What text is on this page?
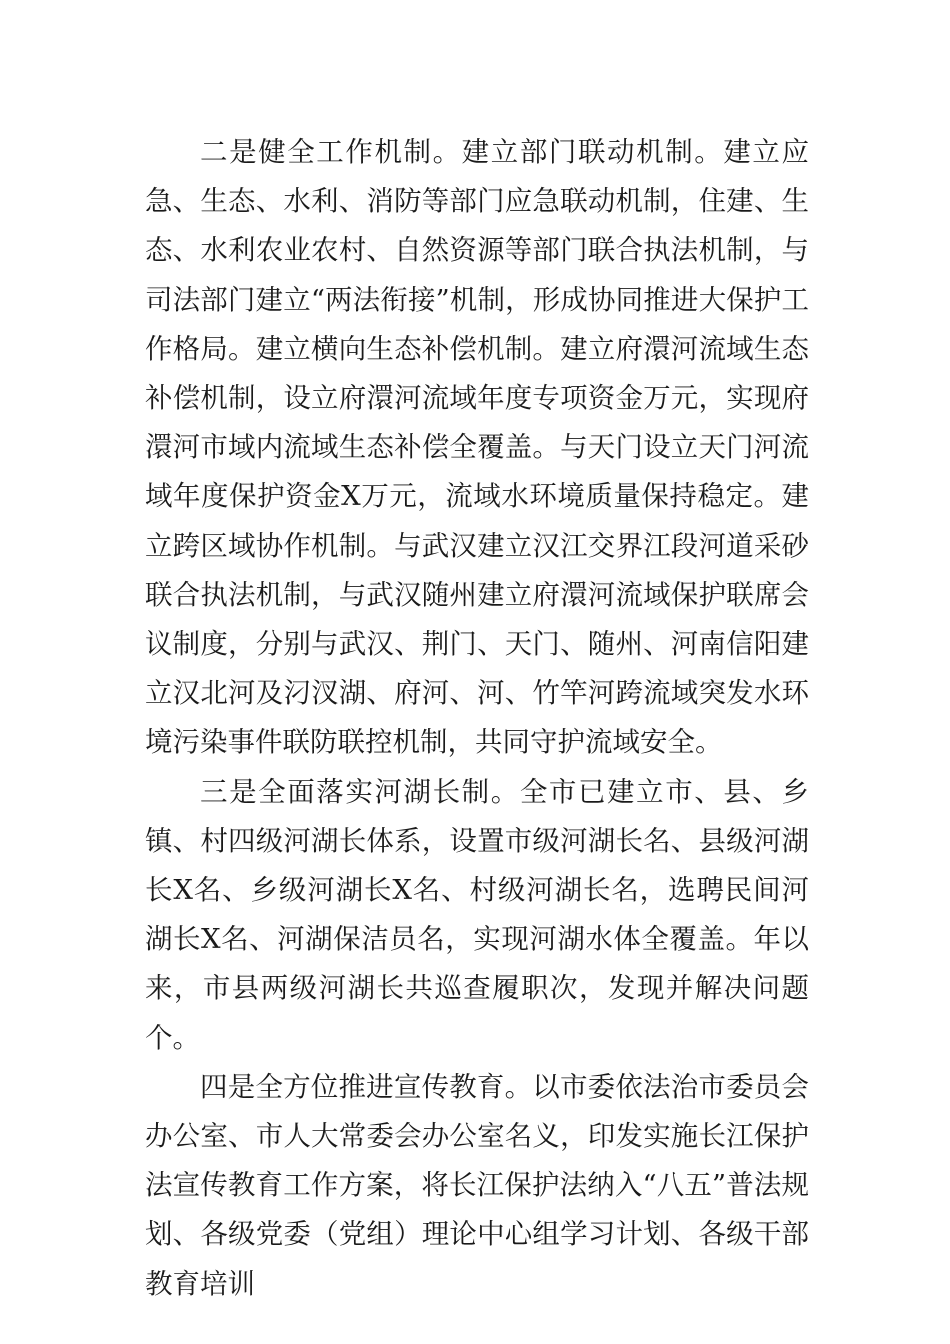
二是健全工作机制。建立部门联动机制。建立应急、生态、水利、消防等部门应急联动机制，住建、生态、水利农业农村、自然资源等部门联合执法机制，与司法部门建立“两法衔接”机制，形成协同推进大保护工作格局。建立横向生态补偿机制。建立府澴河流域生态补偿机制，设立府澴河流域年度专项资金万元，实现府澴河市域内流域生态补偿全覆盖。与天门设立天门河流域年度保护资金X万元，流域水环境质量保持稳定。建立跨区域协作机制。与武汉建立汉江交界江段河道采砂联合执法机制，与武汉随州建立府澴河流域保护联席会议制度，分别与武汉、荆门、天门、随州、河南信阳建立汉北河及汈汊湖、府河、河、竹竿河跨流域突发水环境污染事件联防联控机制，共同守护流域安全。

三是全面落实河湖长制。全市已建立市、县、乡镇、村四级河湖长体系，设置市级河湖长名、县级河湖长X名、乡级河湖长X名、村级河湖长名，选聘民间河湖长X名、河湖保洁员名，实现河湖水体全覆盖。年以来，市县两级河湖长共巡查履职次，发现并解决问题个。

四是全方位推进宣传教育。以市委依法治市委员会办公室、市人大常委会办公室名义，印发实施长江保护法宣传教育工作方案，将长江保护法纳入“八五”普法规划、各级党委（党组）理论中心组学习计划、各级干部教育培训
